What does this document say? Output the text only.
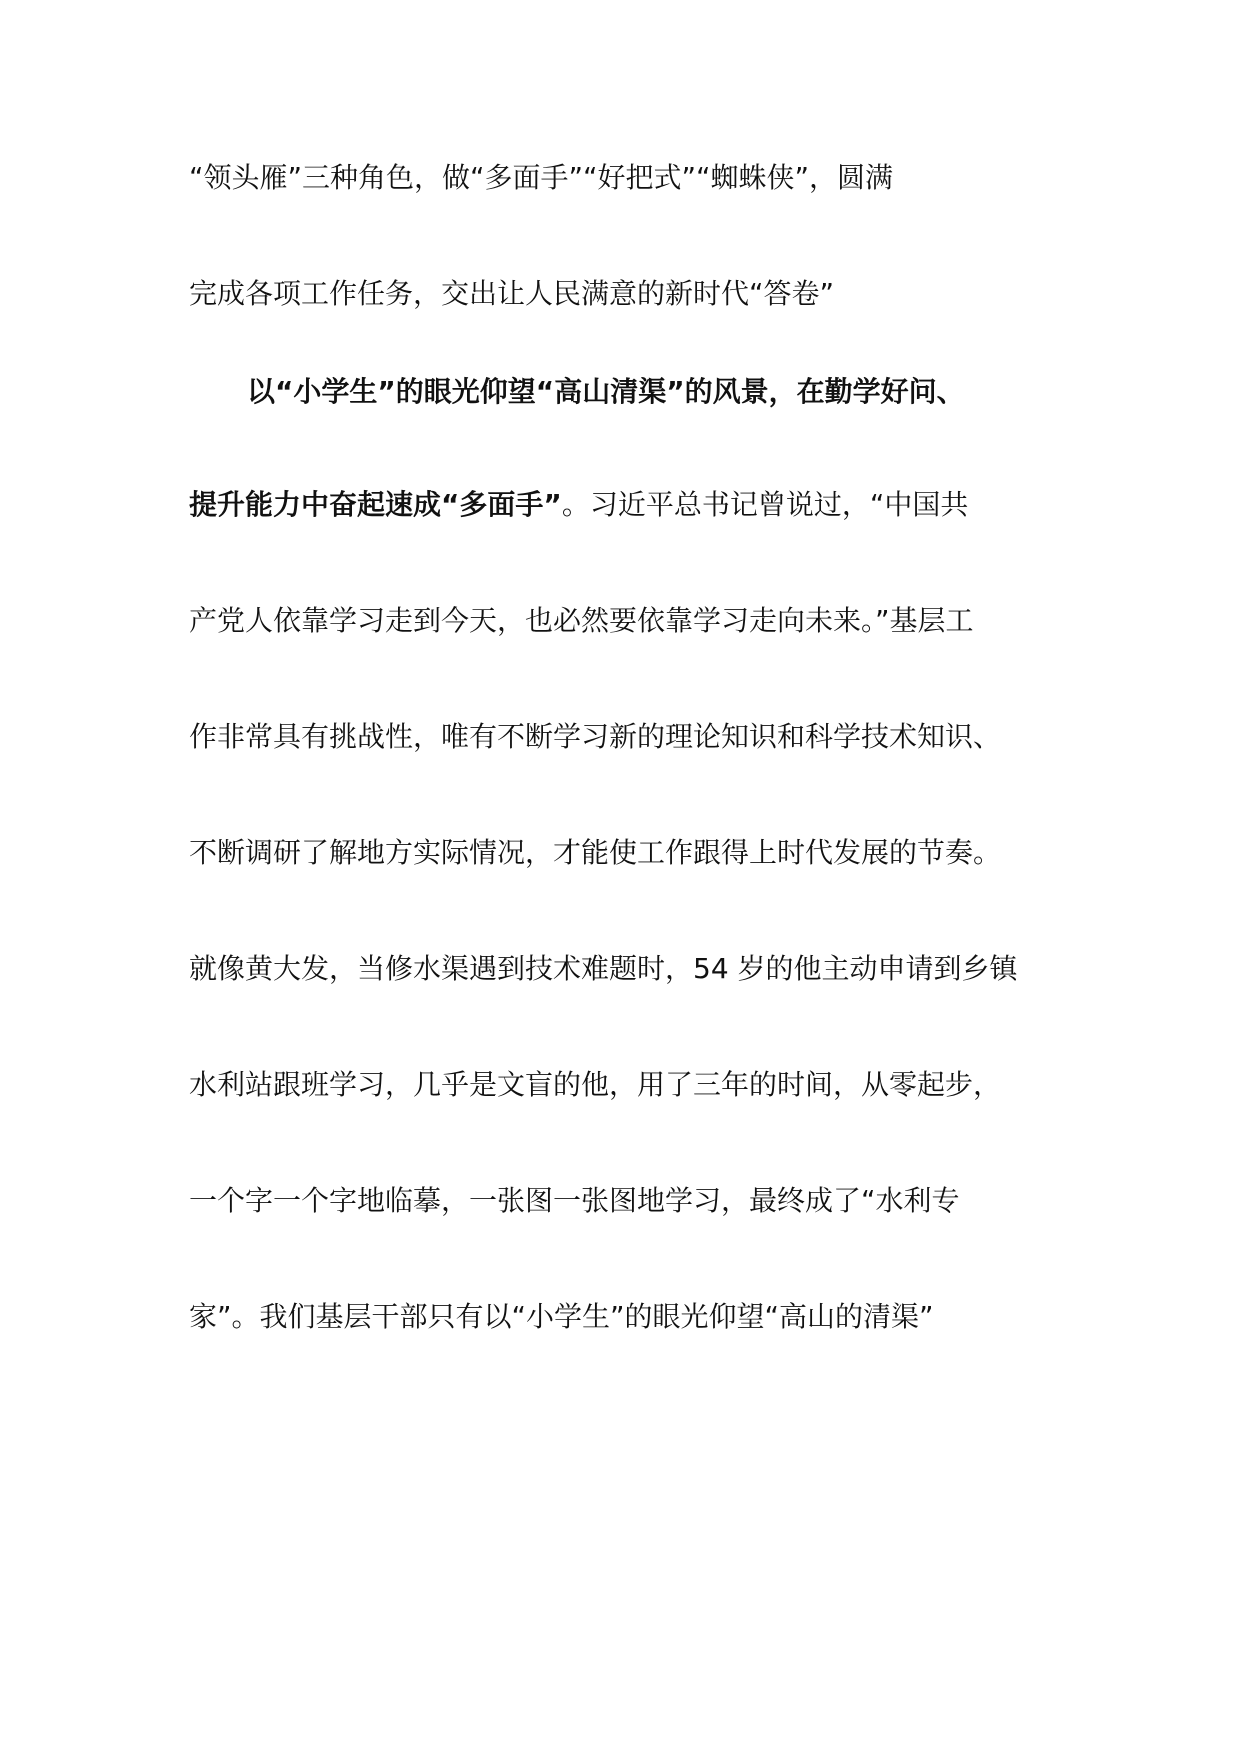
“领头雁”三种角色，做“多面手”“好把式”“蜘蛛侠”，圆满
完成各项工作任务，交出让人民满意的新时代“答卷”
以“小学生”的眼光仰望“高山清渠”的风景，在勤学好问、
提升能力中奋起速成“多面手”。习近平总书记曾说过，“中国共
产党人依靠学习走到今天，也必然要依靠学习走向未来。”基层工
作非常具有挑战性，唯有不断学习新的理论知识和科学技术知识、
不断调研了解地方实际情况，才能使工作跟得上时代发展的节奏。
就像黄大发，当修水渠遇到技术难题时，54 岁的他主动申请到乡镇
水利站跟班学习，几乎是文盲的他，用了三年的时间，从零起步，
一个字一个字地临摹，一张图一张图地学习，最终成了“水利专
家”。我们基层干部只有以“小学生”的眼光仰望“高山的清渠”
